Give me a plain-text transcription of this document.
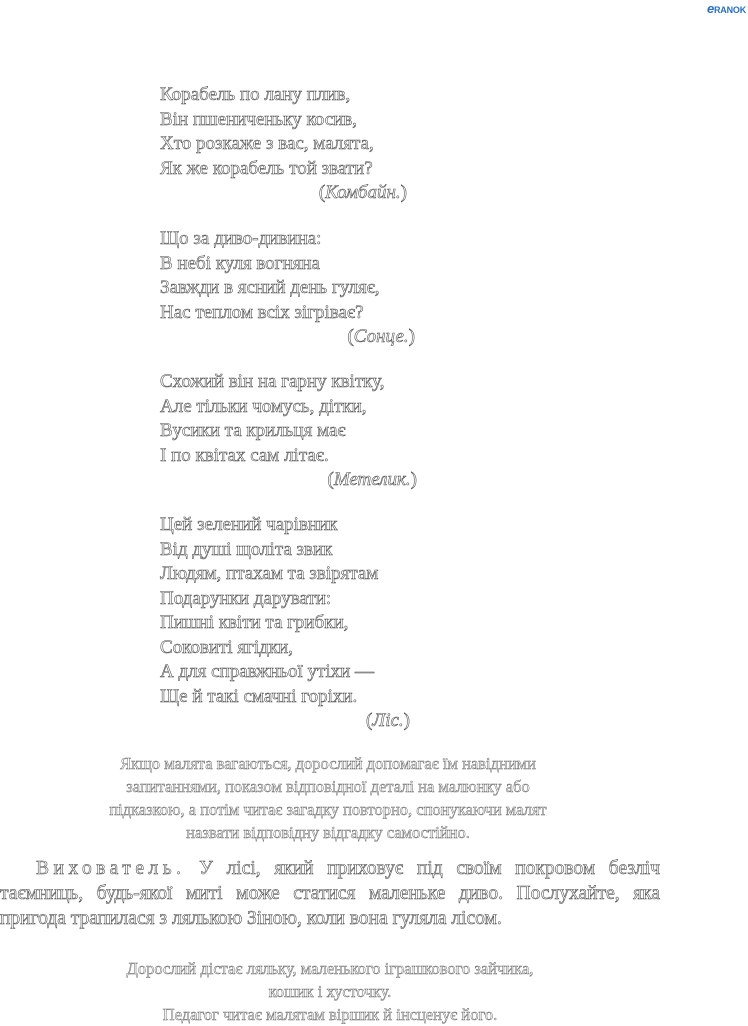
eRANOK
Корабель по лану плив,
Він пшениченьку косив,
Хто розкаже з вас, малята,
Як же корабель той звати?
(Комбайн.)
Що за диво-дивина:
В небі куля вогняна
Завжди в ясний день гуляє,
Нас теплом всіх зігріває?
(Сонце.)
Схожий він на гарну квітку,
Але тільки чомусь, дітки,
Вусики та крильця має
І по квітах сам літає.
(Метелик.)
Цей зелений чарівник
Від душі щоліта звик
Людям, птахам та звірятам
Подарунки дарувати:
Пишні квіти та грибки,
Соковиті ягідки,
А для справжньої утіхи —
Ще й такі смачні горіхи.
(Ліс.)
Якщо малята вагаються, дорослий допомагає їм навідними
запитаннями, показом відповідної деталі на малюнку або
підказкою, а потім читає загадку повторно, спонукаючи малят
назвати відповідну відгадку самостійно.
Вихователь. У лісі, який приховує під своїм покровом безліч
таємниць, будь-якої миті може статися маленьке диво. Послухайте, яка
пригода трапилася з лялькою Зіною, коли вона гуляла лісом.
Дорослий дістає ляльку, маленького іграшкового зайчика,
кошик і хусточку.
Педагог читає малятам віршик й інсценує його.
